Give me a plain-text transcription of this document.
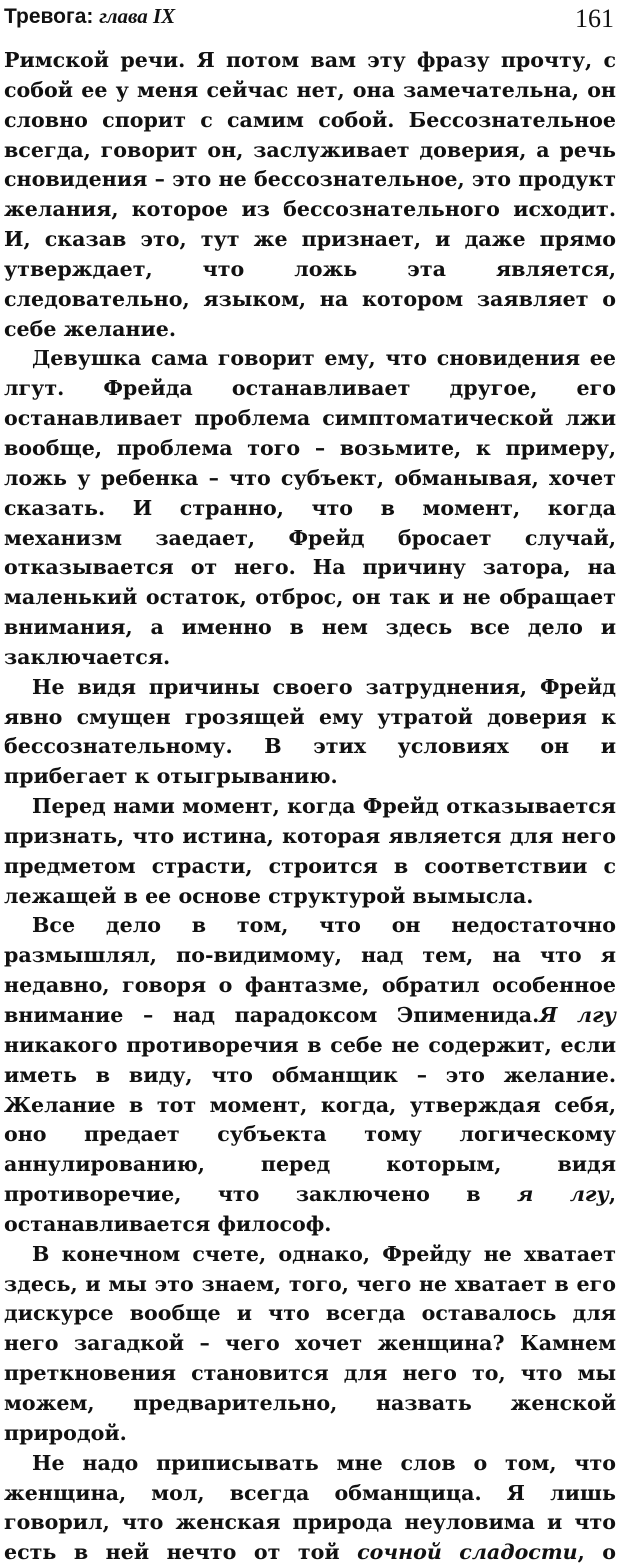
Тревога: глава IX	161

Римской речи. Я потом вам эту фразу прочту, с собой ее у меня сейчас нет, она замечательна, он словно спорит с самим собой. Бессознательное всегда, говорит он, заслуживает доверия, а речь сновидения – это не бессознательное, это продукт желания, которое из бессознательного исходит. И, сказав это, тут же признает, и даже прямо утверждает, что ложь эта является, следовательно, языком, на котором заявляет о себе желание.

Девушка сама говорит ему, что сновидения ее лгут. Фрейда останавливает другое, его останавливает проблема симптоматической лжи вообще, проблема того – возьмите, к примеру, ложь у ребенка – что субъект, обманывая, хочет сказать. И странно, что в момент, когда механизм заедает, Фрейд бросает случай, отказывается от него. На причину затора, на маленький остаток, отброс, он так и не обращает внимания, а именно в нем здесь все дело и заключается.

Не видя причины своего затруднения, Фрейд явно смущен грозящей ему утратой доверия к бессознательному. В этих условиях он и прибегает к отыгрыванию.

Перед нами момент, когда Фрейд отказывается признать, что истина, которая является для него предметом страсти, строится в соответствии с лежащей в ее основе структурой вымысла.

Все дело в том, что он недостаточно размышлял, по-видимому, над тем, на что я недавно, говоря о фантазме, обратил особенное внимание – над парадоксом Эпименида.Я лгу никакого противоречия в себе не содержит, если иметь в виду, что обманщик – это желание. Желание в тот момент, когда, утверждая себя, оно предает субъекта тому логическому аннулированию, перед которым, видя противоречие, что заключено в я лгу, останавливается философ.

В конечном счете, однако, Фрейду не хватает здесь, и мы это знаем, того, чего не хватает в его дискурсе вообще и что всегда оставалось для него загадкой – чего хочет женщина? Камнем преткновения становится для него то, что мы можем, предварительно, назвать женской природой.

Не надо приписывать мне слов о том, что женщина, мол, всегда обманщица. Я лишь говорил, что женская природа неуловима и что есть в ней нечто от той сочной сладости, о
